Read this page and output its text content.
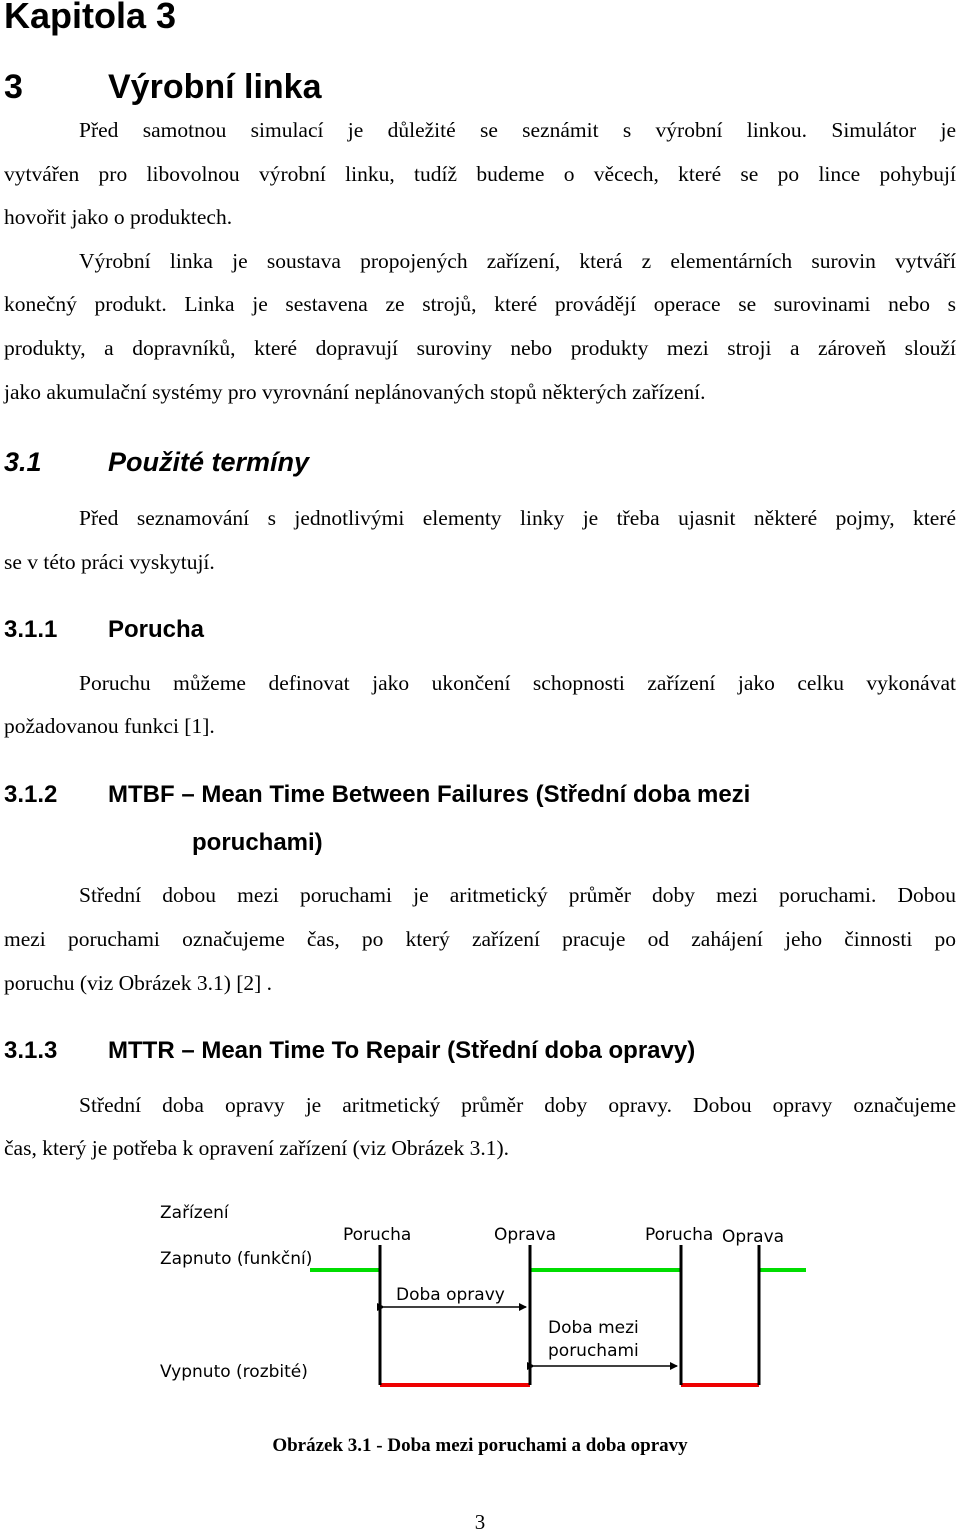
Kapitola 3
3	Výrobní linka

Před samotnou simulací je důležité se seznámit s výrobní linkou. Simulátor je

vytvářen pro libovolnou výrobní linku, tudíž budeme o věcech, které se po lince pohybují

hovořit jako o produktech.

Výrobní linka je soustava propojených zařízení, která z elementárních surovin vytváří

konečný produkt. Linka je sestavena ze strojů, které provádějí operace se surovinami nebo s

produkty, a dopravníků, které dopravují suroviny nebo produkty mezi stroji a zároveň slouží

jako akumulační systémy pro vyrovnání neplánovaných stopů některých zařízení.

3.1 Použité termíny

Před seznamování s jednotlivými elementy linky je třeba ujasnit některé pojmy, které

se v této práci vyskytují.

3.1.1 Porucha

Poruchu můžeme definovat jako ukončení schopnosti zařízení jako celku vykonávat

požadovanou funkci [1].

3.1.2 MTBF – Mean Time Between Failures (Střední doba mezi
poruchami)

Střední dobou mezi poruchami je aritmetický průměr doby mezi poruchami. Dobou

mezi poruchami označujeme čas, po který zařízení pracuje od zahájení jeho činnosti po

poruchu (viz Obrázek 3.1) [2] .

3.1.3 MTTR – Mean Time To Repair (Střední doba opravy)

Střední doba opravy je aritmetický průměr doby opravy. Dobou opravy označujeme

čas, který je potřeba k opravení zařízení (viz Obrázek 3.1).

Zařízení
Zapnuto (funkční)
Vypnuto (rozbité)
Porucha	Oprava	Porucha Oprava
Doba opravy
Doba mezi
poruchami

Obrázek 3.1 - Doba mezi poruchami a doba opravy

3
